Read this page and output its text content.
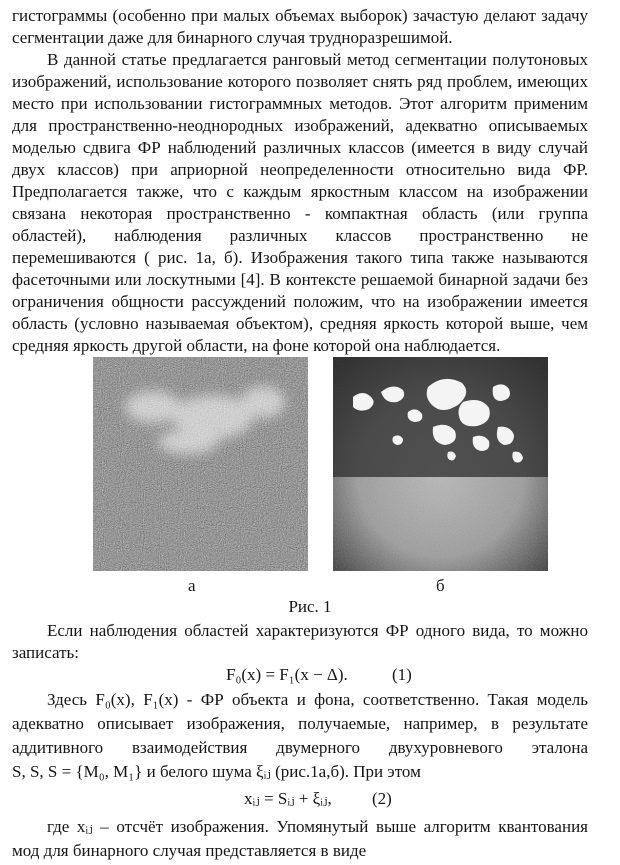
гистограммы (особенно при малых объемах выборок) зачастую делают задачу
сегментации даже для бинарного случая трудноразрешимой.
В данной статье предлагается ранговый метод сегментации полутоновых
изображений, использование которого позволяет снять ряд проблем, имеющих
место при использовании гистограммных методов. Этот алгоритм применим
для пространственно-неоднородных изображений, адекватно описываемых
моделью сдвига ФР наблюдений различных классов (имеется в виду случай
двух классов) при априорной неопределенности относительно вида ФР.
Предполагается также, что с каждым яркостным классом на изображении
связана некоторая пространственно - компактная область (или группа
областей), наблюдения различных классов пространственно не
перемешиваются ( рис. 1а, б). Изображения такого типа также называются
фасеточными или лоскутными [4]. В контексте решаемой бинарной задачи без
ограничения общности рассуждений положим, что на изображении имеется
область (условно называемая объектом), средняя яркость которой выше, чем
средняя яркость другой области, на фоне которой она наблюдается.
а	б
Рис. 1
Если наблюдения областей характеризуются ФР одного вида, то можно
записать:
F₀(x) = F₁(x − Δ).	(1)
Здесь F₀(x), F₁(x) - ФР объекта и фона, соответственно. Такая модель
адекватно описывает изображения, получаемые, например, в результате
аддитивного взаимодействия двумерного двухуровневого эталона
S, S, S = {M₀, M₁} и белого шума ξᵢⱼ (рис.1а,б). При этом
xᵢⱼ = Sᵢⱼ + ξᵢⱼ, (2)
где xᵢⱼ – отсчёт изображения. Упомянутый выше алгоритм квантования
мод для бинарного случая представляется в виде
